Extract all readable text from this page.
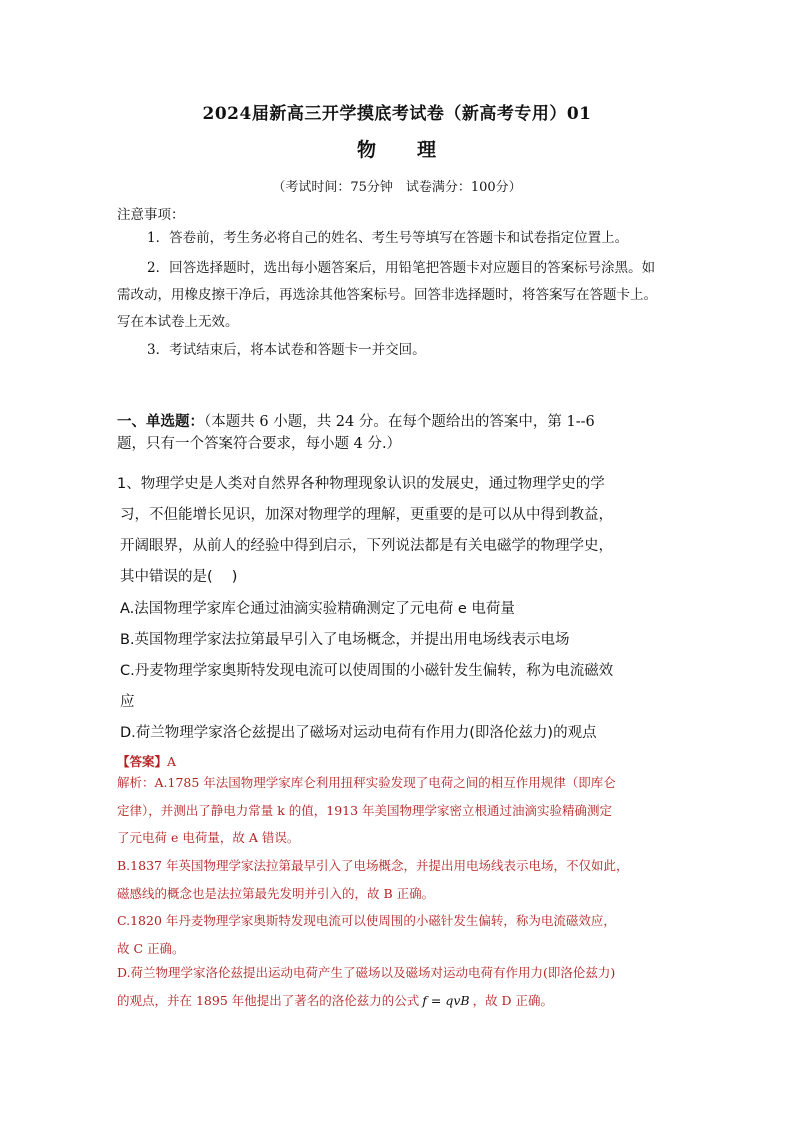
2024届新高三开学摸底考试卷（新高考专用）01
物 理
（考试时间：75分钟　试卷满分：100分）
注意事项：
1．答卷前，考生务必将自己的姓名、考生号等填写在答题卡和试卷指定位置上。
2．回答选择题时，选出每小题答案后，用铅笔把答题卡对应题目的答案标号涂黑。如
需改动，用橡皮擦干净后，再选涂其他答案标号。回答非选择题时，将答案写在答题卡上。
写在本试卷上无效。
3．考试结束后，将本试卷和答题卡一并交回。
一、单选题：（本题共 6 小题，共 24 分。在每个题给出的答案中，第 1--6
题，只有一个答案符合要求，每小题 4 分.）
1、物理学史是人类对自然界各种物理现象认识的发展史，通过物理学史的学
习，不但能增长见识，加深对物理学的理解，更重要的是可以从中得到教益，
开阔眼界，从前人的经验中得到启示，下列说法都是有关电磁学的物理学史，
其中错误的是(　 )
A.法国物理学家库仑通过油滴实验精确测定了元电荷 e 电荷量
B.英国物理学家法拉第最早引入了电场概念，并提出用电场线表示电场
C.丹麦物理学家奥斯特发现电流可以使周围的小磁针发生偏转，称为电流磁效
应
D.荷兰物理学家洛仑兹提出了磁场对运动电荷有作用力(即洛伦兹力)的观点
【答案】A
解析：A.1785 年法国物理学家库仑利用扭秤实验发现了电荷之间的相互作用规律（即库仑
定律），并测出了静电力常量 k 的值，1913 年美国物理学家密立根通过油滴实验精确测定
了元电荷 e 电荷量，故 A 错误。
B.1837 年英国物理学家法拉第最早引入了电场概念，并提出用电场线表示电场，不仅如此，
磁感线的概念也是法拉第最先发明并引入的，故 B 正确。
C.1820 年丹麦物理学家奥斯特发现电流可以使周围的小磁针发生偏转，称为电流磁效应，
故 C 正确。
D.荷兰物理学家洛伦兹提出运动电荷产生了磁场以及磁场对运动电荷有作用力(即洛伦兹力)
的观点，并在 1895 年他提出了著名的洛伦兹力的公式 f = qvB ，故 D 正确。
